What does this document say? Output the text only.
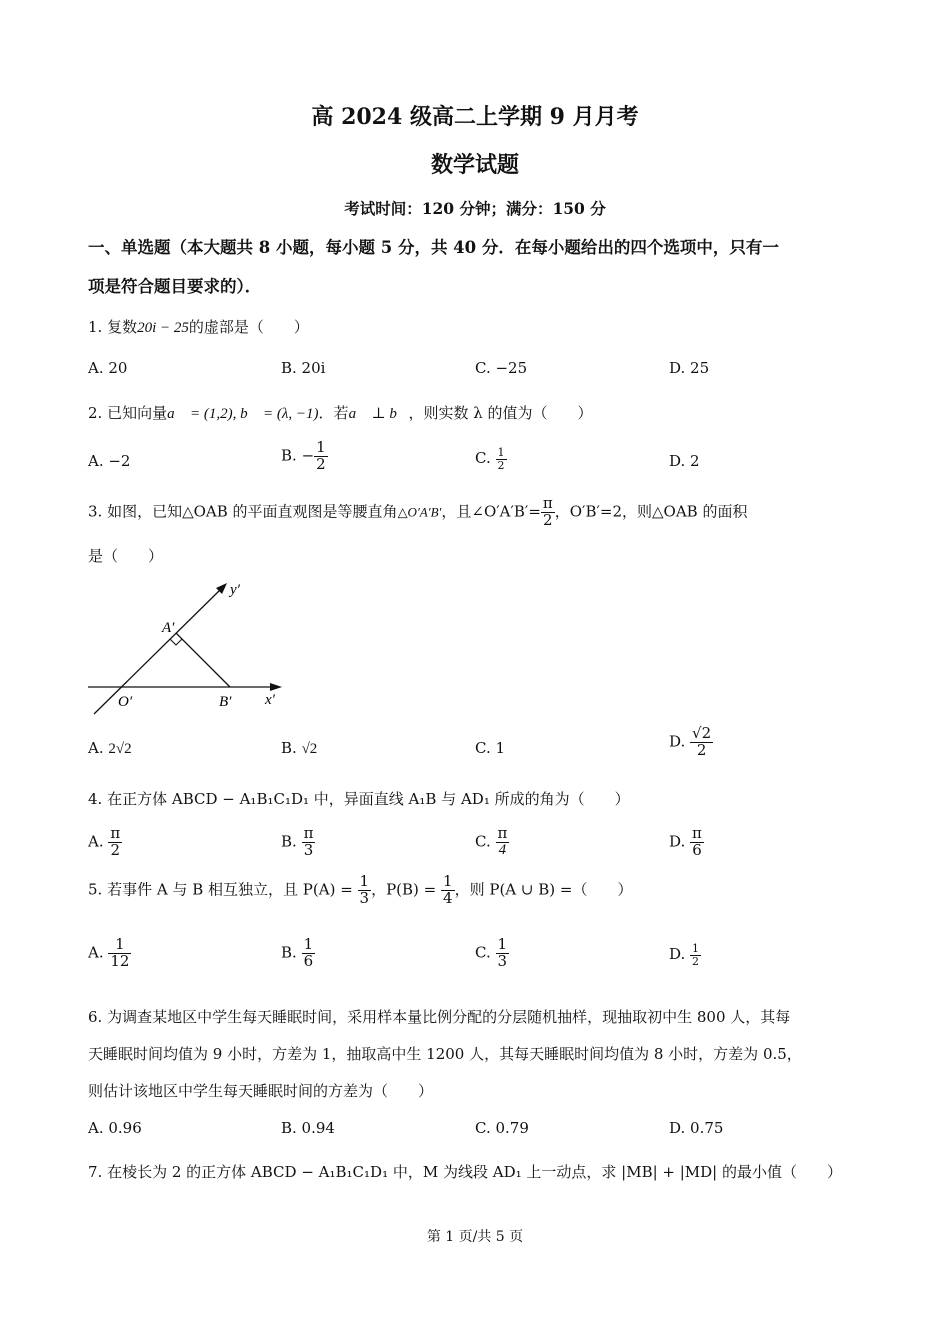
高 2024 级高二上学期 9 月月考
数学试题
考试时间：120 分钟；满分：150 分
一、单选题（本大题共 8 小题，每小题 5 分，共 40 分．在每小题给出的四个选项中，只有一
项是符合题目要求的）．
1. 复数20i − 25的虚部是（　　）
A. 20	B. 20i	C. −25	D. 25
2. 已知向量a⃗ = (1,2), b⃗ = (λ, −1)．若a⃗ ⊥ b⃗，则实数 λ 的值为（　　）
A. −2	B. − $\frac{1}{2}$	C. $\frac{1}{2}$	D. 2
3. 如图，已知△OAB 的平面直观图是等腰直角△O′A′B′，且∠O′A′B′= $\frac{\pi}{2}$ ，O′B′=2，则△OAB 的面积
是（　　）
y′
A′
O′	B′ x′
A. 2√2	B. √2	C. 1	D. $\frac{√2}{2}$
4. 在正方体 ABCD − A₁B₁C₁D₁ 中，异面直线 A₁B 与 AD₁ 所成的角为（　　）
A. $\frac{\pi}{2}$	B. $\frac{\pi}{3}$	C. $\frac{\pi}{4}$	D. $\frac{\pi}{6}$
5. 若事件 A 与 B 相互独立，且 $P(A) = \frac{1}{3}$ ，$P(B) = \frac{1}{4}$ ，则 P(A ∪ B) =（　　）
A. $\frac{1}{12}$	B. $\frac{1}{6}$	C. $\frac{1}{3}$	D. $\frac{1}{2}$
6. 为调查某地区中学生每天睡眠时间，采用样本量比例分配的分层随机抽样，现抽取初中生 800 人，其每
天睡眠时间均值为 9 小时，方差为 1，抽取高中生 1200 人，其每天睡眠时间均值为 8 小时，方差为 0.5，
则估计该地区中学生每天睡眠时间的方差为（　　）
A. 0.96	B. 0.94	C. 0.79	D. 0.75
7. 在棱长为 2 的正方体 ABCD − A₁B₁C₁D₁ 中，M 为线段 AD₁ 上一动点，求 |MB| + |MD| 的最小值（　　）
第 1 页/共 5 页
